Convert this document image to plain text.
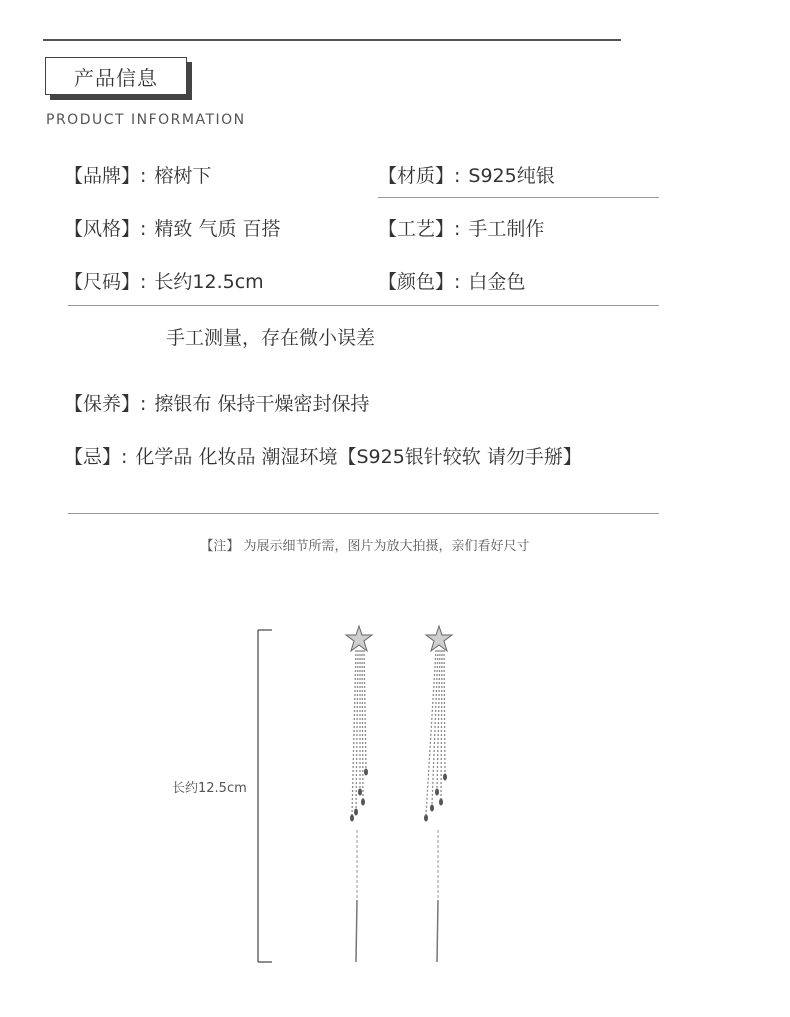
产品信息
PRODUCT INFORMATION
【品牌】: 榕树下	【材质】: S925纯银
【风格】: 精致 气质 百搭	【工艺】: 手工制作
【尺码】: 长约12.5cm	【颜色】: 白金色
手工测量，存在微小误差
【保养】: 擦银布 保持干燥密封保持
【忌】: 化学品 化妆品 潮湿环境【S925银针较软 请勿手掰】
【注】 为展示细节所需，图片为放大拍摄，亲们看好尺寸
长约12.5cm
